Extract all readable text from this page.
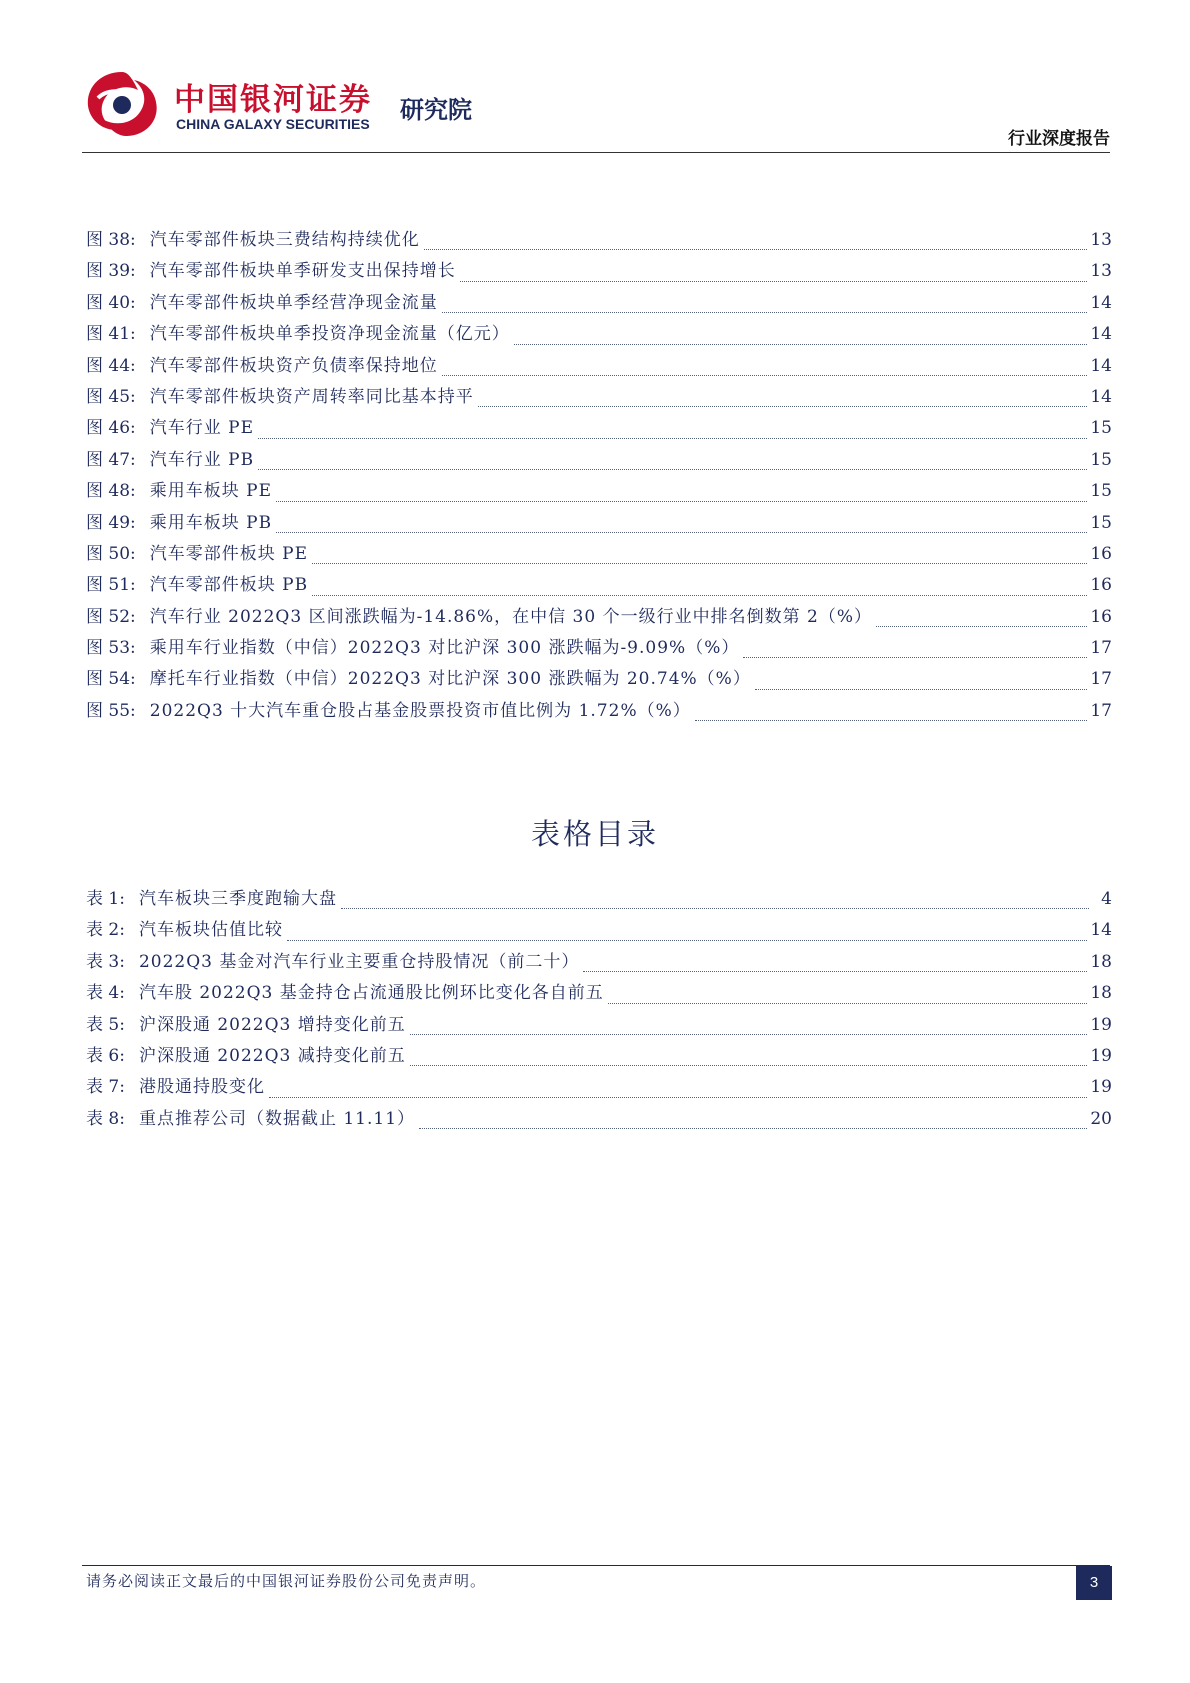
中国银河证券
CHINA GALAXY SECURITIES 研究院
行业深度报告
图 38: 汽车零部件板块三费结构持续优化	13
图 39: 汽车零部件板块单季研发支出保持增长	13
图 40: 汽车零部件板块单季经营净现金流量	14
图 41: 汽车零部件板块单季投资净现金流量（亿元）	14
图 44: 汽车零部件板块资产负债率保持地位	14
图 45: 汽车零部件板块资产周转率同比基本持平	14
图 46: 汽车行业 PE	15
图 47: 汽车行业 PB	15
图 48: 乘用车板块 PE	15
图 49: 乘用车板块 PB	15
图 50: 汽车零部件板块 PE	16
图 51: 汽车零部件板块 PB	16
图 52: 汽车行业 2022Q3 区间涨跌幅为-14.86%，在中信 30 个一级行业中排名倒数第 2（%）	16
图 53: 乘用车行业指数（中信）2022Q3 对比沪深 300 涨跌幅为-9.09%（%）	17
图 54: 摩托车行业指数（中信）2022Q3 对比沪深 300 涨跌幅为 20.74%（%）	17
图 55: 2022Q3 十大汽车重仓股占基金股票投资市值比例为 1.72%（%）	17
表格目录
表 1: 汽车板块三季度跑输大盘	4
表 2: 汽车板块估值比较	14
表 3: 2022Q3 基金对汽车行业主要重仓持股情况（前二十）	18
表 4: 汽车股 2022Q3 基金持仓占流通股比例环比变化各自前五	18
表 5: 沪深股通 2022Q3 增持变化前五	19
表 6: 沪深股通 2022Q3 减持变化前五	19
表 7: 港股通持股变化	19
表 8: 重点推荐公司（数据截止 11.11）	20
请务必阅读正文最后的中国银河证券股份公司免责声明。	3
